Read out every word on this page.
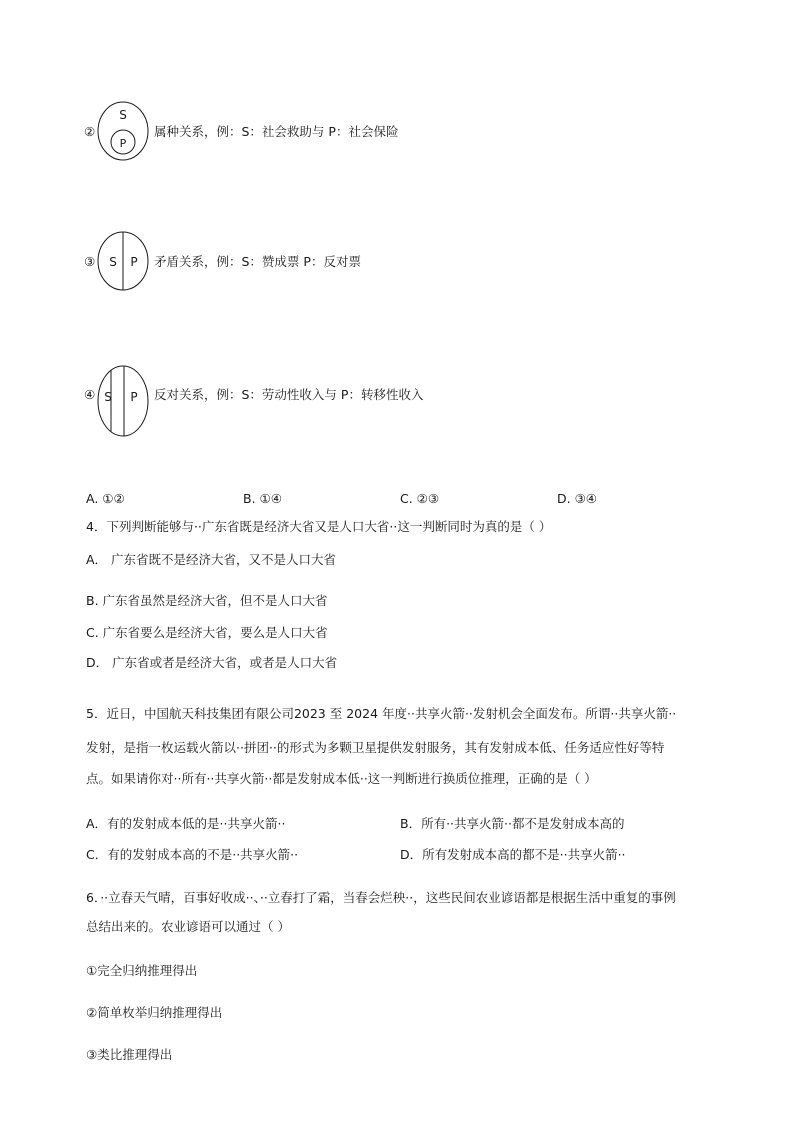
②
S
P
属种关系，例：S：社会救助与 P：社会保险
③ S P 矛盾关系，例：S：赞成票 P：反对票
④ S P 反对关系，例：S：劳动性收入与 P：转移性收入
A. ①②	B. ①④	C. ②③	D. ③④
4．下列判断能够与··广东省既是经济大省又是人口大省··这一判断同时为真的是（ ）
A． 广东省既不是经济大省，又不是人口大省
B. 广东省虽然是经济大省，但不是人口大省
C. 广东省要么是经济大省，要么是人口大省
D． 广东省或者是经济大省，或者是人口大省
5．近日，中国航天科技集团有限公司2023 至 2024 年度··共享火箭··发射机会全面发布。所谓··共享火箭··
发射，是指一枚运载火箭以··拼团··的形式为多颗卫星提供发射服务，其有发射成本低、任务适应性好等特
点。如果请你对··所有··共享火箭··都是发射成本低··这一判断进行换质位推理，正确的是（ ）
A．有的发射成本低的是··共享火箭··	B．所有··共享火箭··都不是发射成本高的
C．有的发射成本高的不是··共享火箭··	D．所有发射成本高的都不是··共享火箭··
6．··立春天气晴，百事好收成··、··立春打了霜，当春会烂秧··，这些民间农业谚语都是根据生活中重复的事例
总结出来的。农业谚语可以通过（ ）
①完全归纳推理得出
②简单枚举归纳推理得出
③类比推理得出
